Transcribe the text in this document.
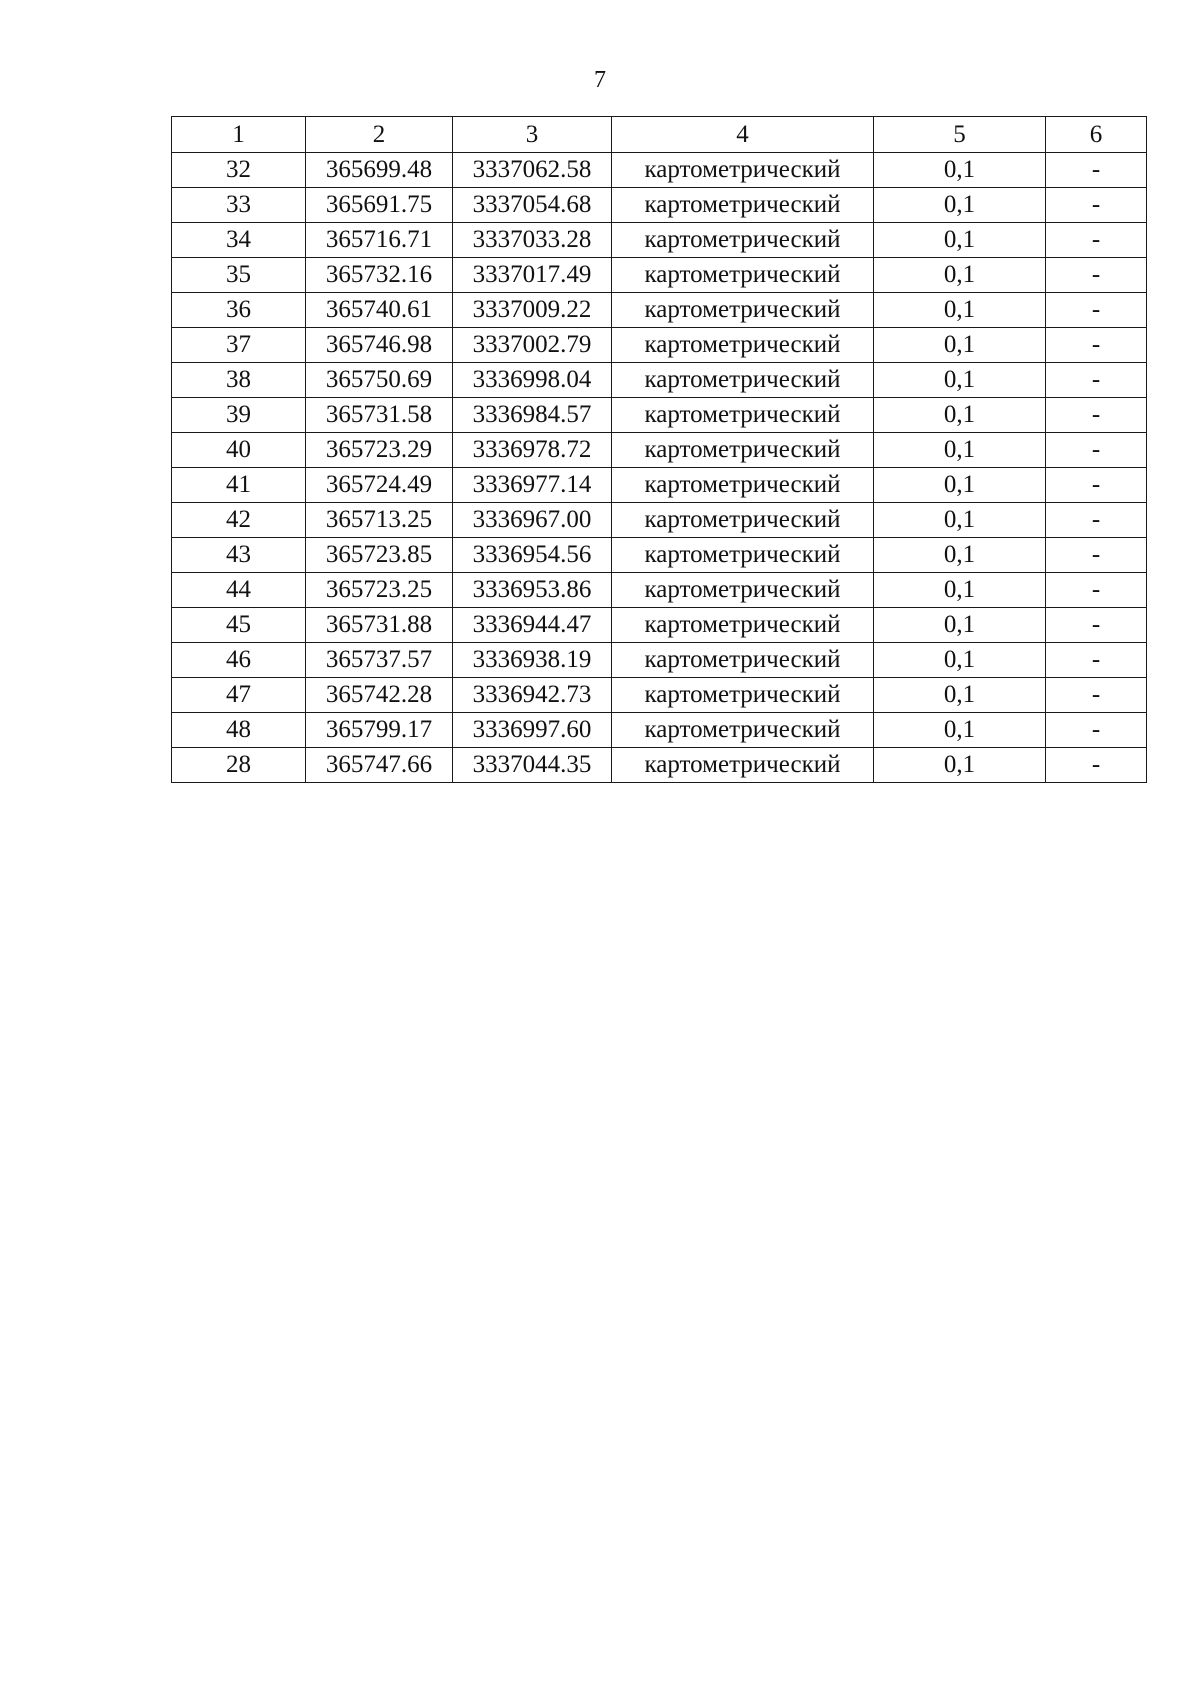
7
1	2	3	4	5	6
32	365699.48	3337062.58	картометрический	0,1	-
33	365691.75	3337054.68	картометрический	0,1	-
34	365716.71	3337033.28	картометрический	0,1	-
35	365732.16	3337017.49	картометрический	0,1	-
36	365740.61	3337009.22	картометрический	0,1	-
37	365746.98	3337002.79	картометрический	0,1	-
38	365750.69	3336998.04	картометрический	0,1	-
39	365731.58	3336984.57	картометрический	0,1	-
40	365723.29	3336978.72	картометрический	0,1	-
41	365724.49	3336977.14	картометрический	0,1	-
42	365713.25	3336967.00	картометрический	0,1	-
43	365723.85	3336954.56	картометрический	0,1	-
44	365723.25	3336953.86	картометрический	0,1	-
45	365731.88	3336944.47	картометрический	0,1	-
46	365737.57	3336938.19	картометрический	0,1	-
47	365742.28	3336942.73	картометрический	0,1	-
48	365799.17	3336997.60	картометрический	0,1	-
28	365747.66	3337044.35	картометрический	0,1	-
